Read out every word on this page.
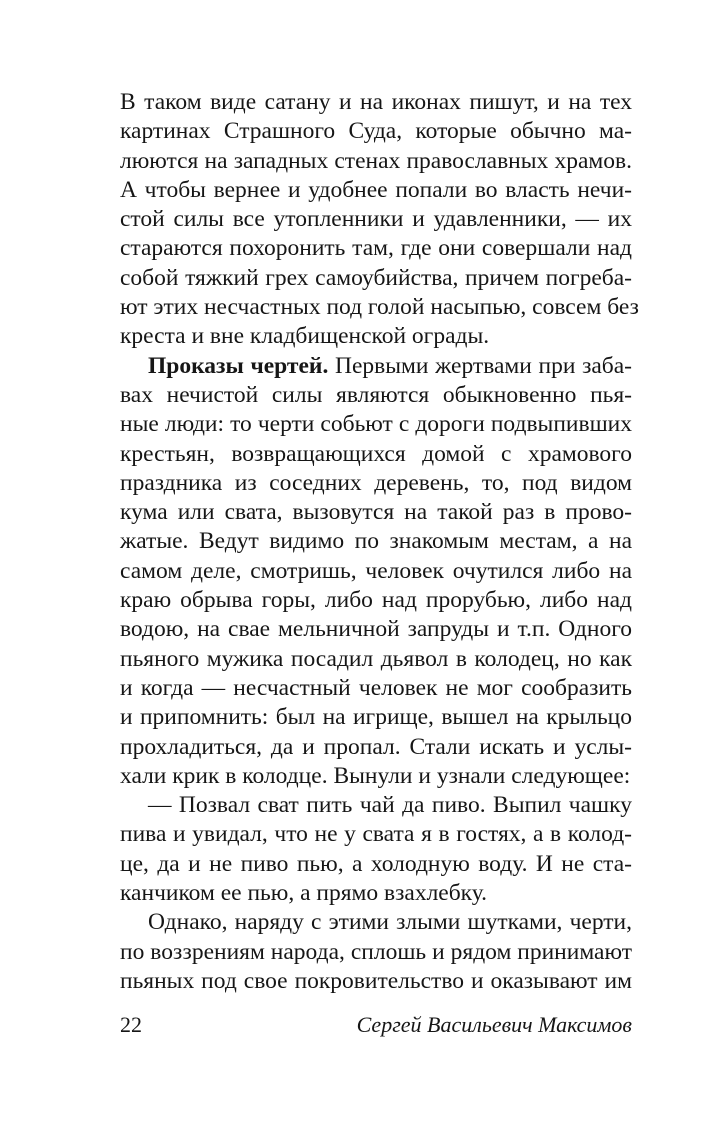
В таком виде сатану и на иконах пишут, и на тех
картинах Страшного Суда, которые обычно ма-
люются на западных стенах православных храмов.
А чтобы вернее и удобнее попали во власть нечи-
стой силы все утопленники и удавленники, — их
стараются похоронить там, где они совершали над
собой тяжкий грех самоубийства, причем погреба-
ют этих несчастных под голой насыпью, совсем без
креста и вне кладбищенской ограды.
Проказы чертей. Первыми жертвами при заба-
вах нечистой силы являются обыкновенно пья-
ные люди: то черти собьют с дороги подвыпивших
крестьян, возвращающихся домой с храмового
праздника из соседних деревень, то, под видом
кума или свата, вызовутся на такой раз в прово-
жатые. Ведут видимо по знакомым местам, а на
самом деле, смотришь, человек очутился либо на
краю обрыва горы, либо над прорубью, либо над
водою, на свае мельничной запруды и т.п. Одного
пьяного мужика посадил дьявол в колодец, но как
и когда — несчастный человек не мог сообразить
и припомнить: был на игрище, вышел на крыльцо
прохладиться, да и пропал. Стали искать и услы-
хали крик в колодце. Вынули и узнали следующее:
— Позвал сват пить чай да пиво. Выпил чашку
пива и увидал, что не у свата я в гостях, а в колод-
це, да и не пиво пью, а холодную воду. И не ста-
канчиком ее пью, а прямо взахлебку.
Однако, наряду с этими злыми шутками, черти,
по воззрениям народа, сплошь и рядом принимают
пьяных под свое покровительство и оказывают им
22	Сергей Васильевич Максимов
